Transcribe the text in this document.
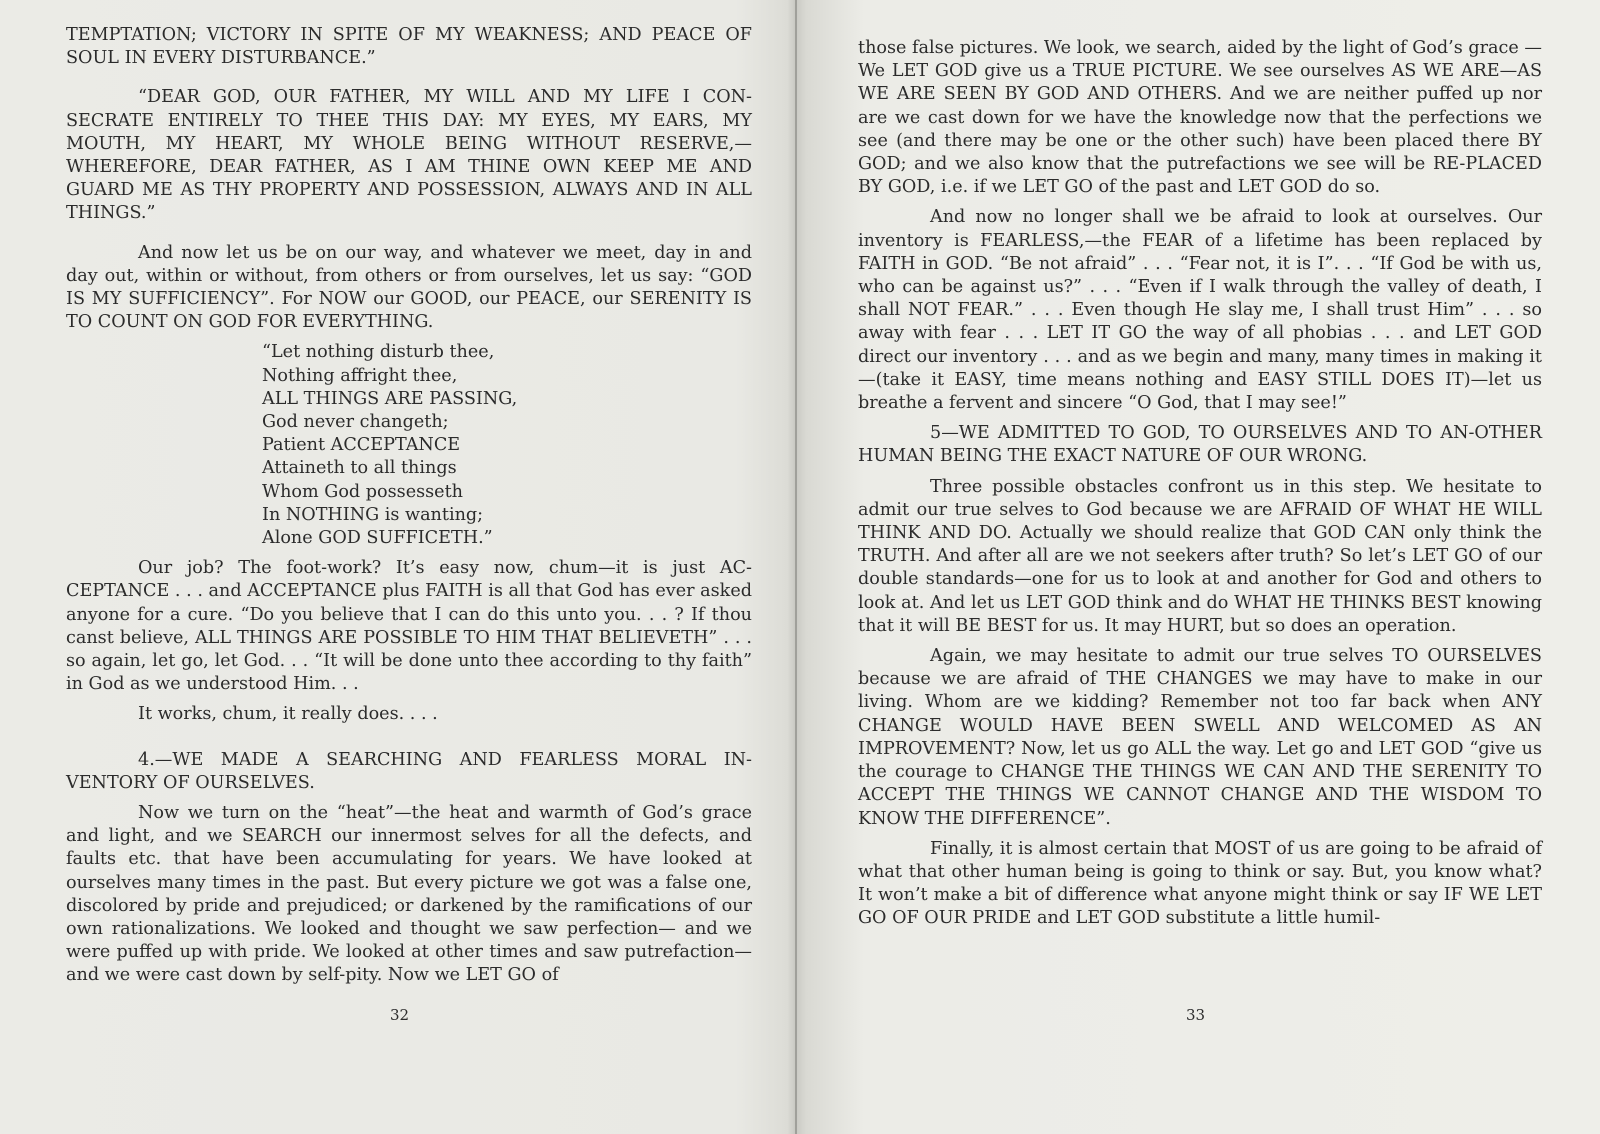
TEMPTATION; VICTORY IN SPITE OF MY WEAKNESS; AND PEACE OF SOUL IN EVERY DISTURBANCE.”

“DEAR GOD, OUR FATHER, MY WILL AND MY LIFE I CON-SECRATE ENTIRELY TO THEE THIS DAY: MY EYES, MY EARS, MY MOUTH, MY HEART, MY WHOLE BEING WITHOUT RESERVE,— WHEREFORE, DEAR FATHER, AS I AM THINE OWN KEEP ME AND GUARD ME AS THY PROPERTY AND POSSESSION, ALWAYS AND IN ALL THINGS.”

And now let us be on our way, and whatever we meet, day in and day out, within or without, from others or from ourselves, let us say: “GOD IS MY SUFFICIENCY”. For NOW our GOOD, our PEACE, our SERENITY IS TO COUNT ON GOD FOR EVERYTHING.

“Let nothing disturb thee,
Nothing affright thee,
ALL THINGS ARE PASSING,
God never changeth;
Patient ACCEPTANCE
Attaineth to all things
Whom God possesseth
In NOTHING is wanting;
Alone GOD SUFFICETH.”

Our job? The foot-work? It’s easy now, chum—it is just AC-CEPTANCE . . . and ACCEPTANCE plus FAITH is all that God has ever asked anyone for a cure. “Do you believe that I can do this unto you. . . ? If thou canst believe, ALL THINGS ARE POSSIBLE TO HIM THAT BELIEVETH” . . . so again, let go, let God. . . “It will be done unto thee according to thy faith” in God as we understood Him. . .

It works, chum, it really does. . . .

4.—WE MADE A SEARCHING AND FEARLESS MORAL IN-VENTORY OF OURSELVES.

Now we turn on the “heat”—the heat and warmth of God’s grace and light, and we SEARCH our innermost selves for all the defects, and faults etc. that have been accumulating for years. We have looked at ourselves many times in the past. But every picture we got was a false one, discolored by pride and prejudiced; or darkened by the ramifications of our own rationalizations. We looked and thought we saw perfection— and we were puffed up with pride. We looked at other times and saw putrefaction—and we were cast down by self-pity. Now we LET GO of

32

those false pictures. We look, we search, aided by the light of God’s grace —We LET GOD give us a TRUE PICTURE. We see ourselves AS WE ARE—AS WE ARE SEEN BY GOD AND OTHERS. And we are neither puffed up nor are we cast down for we have the knowledge now that the perfections we see (and there may be one or the other such) have been placed there BY GOD; and we also know that the putrefactions we see will be RE-PLACED BY GOD, i.e. if we LET GO of the past and LET GOD do so.

And now no longer shall we be afraid to look at ourselves. Our inventory is FEARLESS,—the FEAR of a lifetime has been replaced by FAITH in GOD. “Be not afraid” . . . “Fear not, it is I”. . . “If God be with us, who can be against us?” . . . “Even if I walk through the valley of death, I shall NOT FEAR.” . . . Even though He slay me, I shall trust Him” . . . so away with fear . . . LET IT GO the way of all phobias . . . and LET GOD direct our inventory . . . and as we begin and many, many times in making it—(take it EASY, time means nothing and EASY STILL DOES IT)—let us breathe a fervent and sincere “O God, that I may see!”

5—WE ADMITTED TO GOD, TO OURSELVES AND TO AN-OTHER HUMAN BEING THE EXACT NATURE OF OUR WRONG.

Three possible obstacles confront us in this step. We hesitate to admit our true selves to God because we are AFRAID OF WHAT HE WILL THINK AND DO. Actually we should realize that GOD CAN only think the TRUTH. And after all are we not seekers after truth? So let’s LET GO of our double standards—one for us to look at and another for God and others to look at. And let us LET GOD think and do WHAT HE THINKS BEST knowing that it will BE BEST for us. It may HURT, but so does an operation.

Again, we may hesitate to admit our true selves TO OURSELVES because we are afraid of THE CHANGES we may have to make in our living. Whom are we kidding? Remember not too far back when ANY CHANGE WOULD HAVE BEEN SWELL AND WELCOMED AS AN IMPROVEMENT? Now, let us go ALL the way. Let go and LET GOD “give us the courage to CHANGE THE THINGS WE CAN AND THE SERENITY TO ACCEPT THE THINGS WE CANNOT CHANGE AND THE WISDOM TO KNOW THE DIFFERENCE”.

Finally, it is almost certain that MOST of us are going to be afraid of what that other human being is going to think or say. But, you know what? It won’t make a bit of difference what anyone might think or say IF WE LET GO OF OUR PRIDE and LET GOD substitute a little humil-

33
